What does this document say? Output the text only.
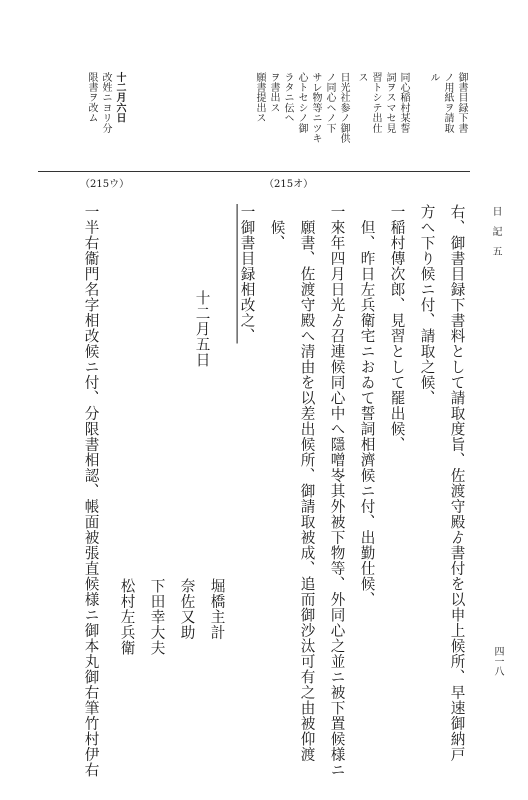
日　記　五
四一八
（215オ）
（215ウ）
御書目録下書
ノ用紙ヲ請取
ル
同心稲村某誓
詞ヲスマセ見
習トシテ出仕
ス
日光社参ノ御供
ノ同心ヘノ下
サレ物等ニツキ
心トセシノ御
ラタニ伝ヘ
ヲ書出ス
願書提出ス
十二月六日
改姓ニヨリ分
限書ヲ改ム
右、御書目録下書料として請取度旨、佐渡守殿ゟ書付を以申上候所、早速御納戸
方へ下り候ニ付、請取之候、
一稲村傳次郎、見習として罷出候、
　但、昨日左兵衛宅ニおゐて誓詞相濟候ニ付、出勤仕候、
一來年四月日光ゟ召連候同心中へ隱噌岺其外被下物等、外同心之並ニ被下置候様ニ
　願書、佐渡守殿へ清由を以差出候所、御請取被成、追而御沙汰可有之由被仰渡
　候、
一御書目録相改之、
堀橋主計
奈佐又助
下田幸大夫
松村左兵衛
十二月五日
一半右衞門名字相改候ニ付、分限書相認、帳面被張直候様ニ御本丸御右筆竹村伊右
